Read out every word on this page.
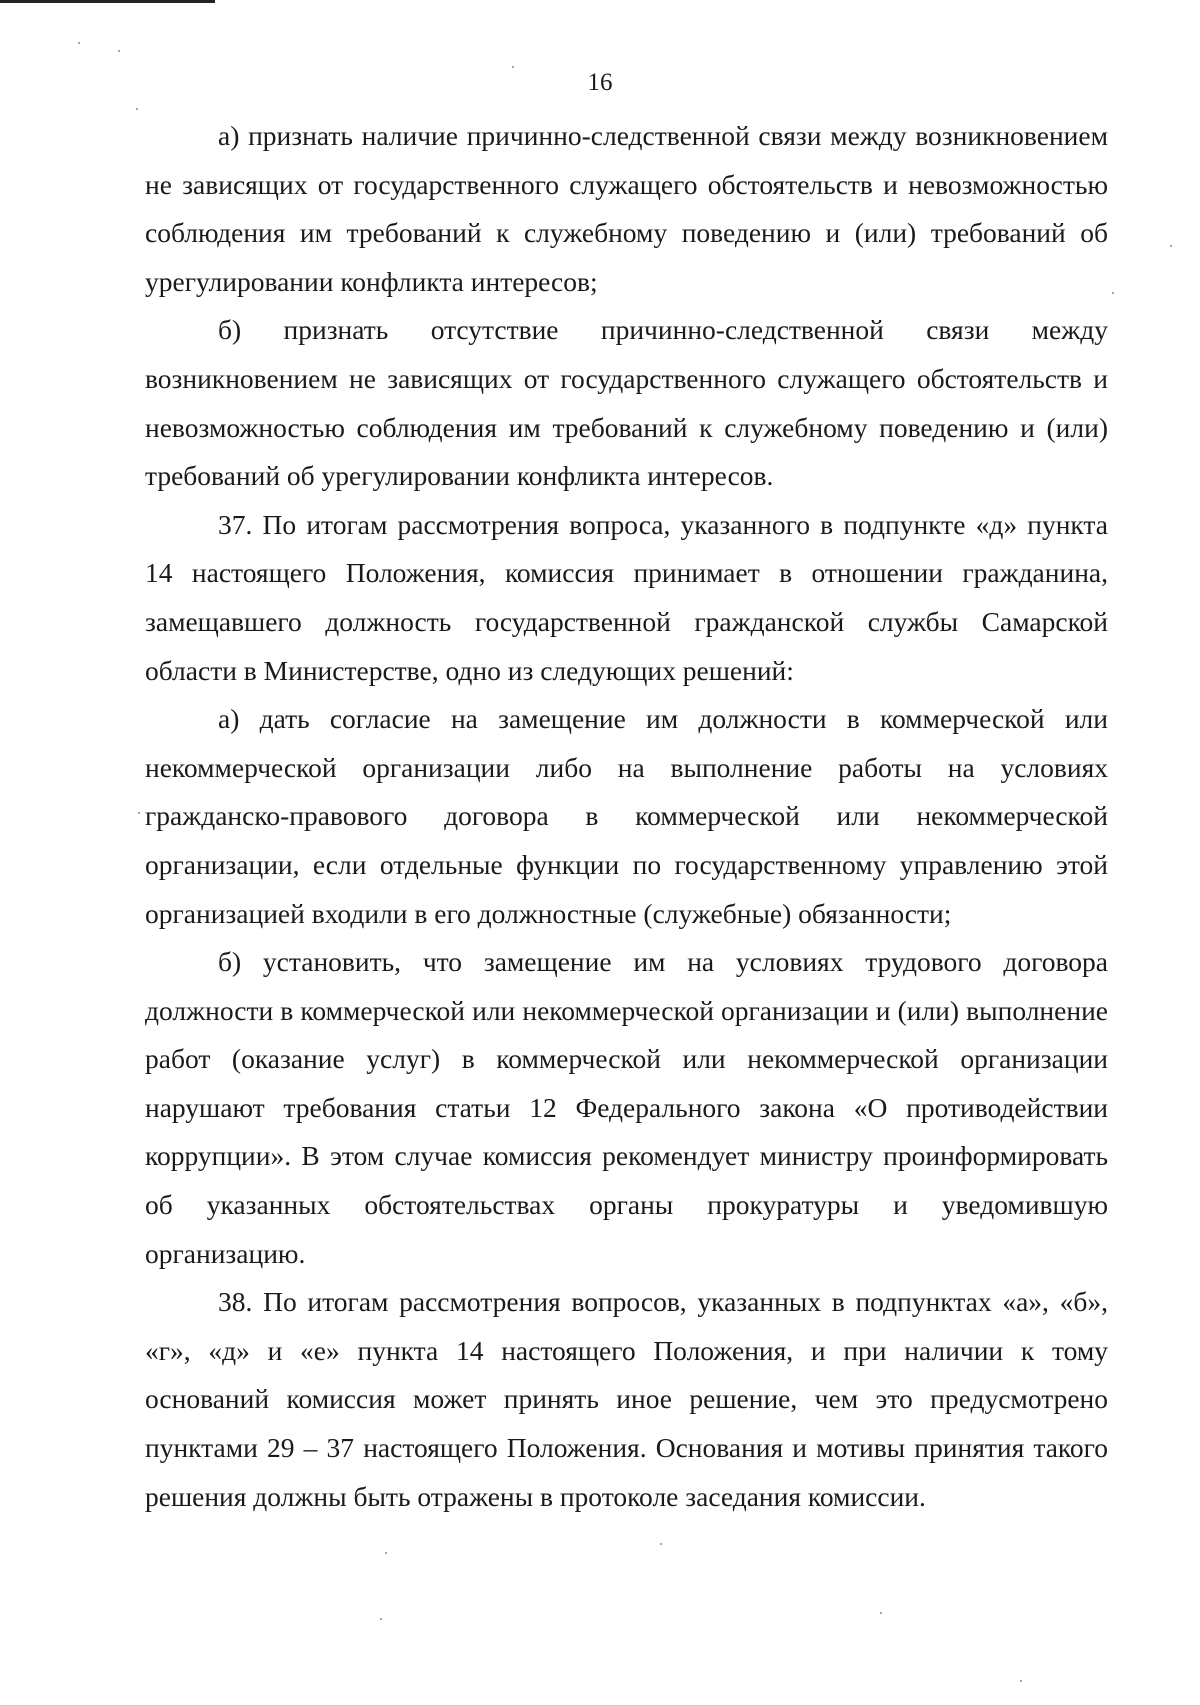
16

а) признать наличие причинно-следственной связи между возникновением не зависящих от государственного служащего обстоятельств и невозможностью соблюдения им требований к служебному поведению и (или) требований об урегулировании конфликта интересов;

б) признать отсутствие причинно-следственной связи между возникновением не зависящих от государственного служащего обстоятельств и невозможностью соблюдения им требований к служебному поведению и (или) требований об урегулировании конфликта интересов.

37. По итогам рассмотрения вопроса, указанного в подпункте «д» пункта 14 настоящего Положения, комиссия принимает в отношении гражданина, замещавшего должность государственной гражданской службы Самарской области в Министерстве, одно из следующих решений:

а) дать согласие на замещение им должности в коммерческой или некоммерческой организации либо на выполнение работы на условиях гражданско-правового договора в коммерческой или некоммерческой организации, если отдельные функции по государственному управлению этой организацией входили в его должностные (служебные) обязанности;

б) установить, что замещение им на условиях трудового договора должности в коммерческой или некоммерческой организации и (или) выполнение работ (оказание услуг) в коммерческой или некоммерческой организации нарушают требования статьи 12 Федерального закона «О противодействии коррупции». В этом случае комиссия рекомендует министру проинформировать об указанных обстоятельствах органы прокуратуры и уведомившую организацию.

38. По итогам рассмотрения вопросов, указанных в подпунктах «а», «б», «г», «д» и «е» пункта 14 настоящего Положения, и при наличии к тому оснований комиссия может принять иное решение, чем это предусмотрено пунктами 29 – 37 настоящего Положения. Основания и мотивы принятия такого решения должны быть отражены в протоколе заседания комиссии.
